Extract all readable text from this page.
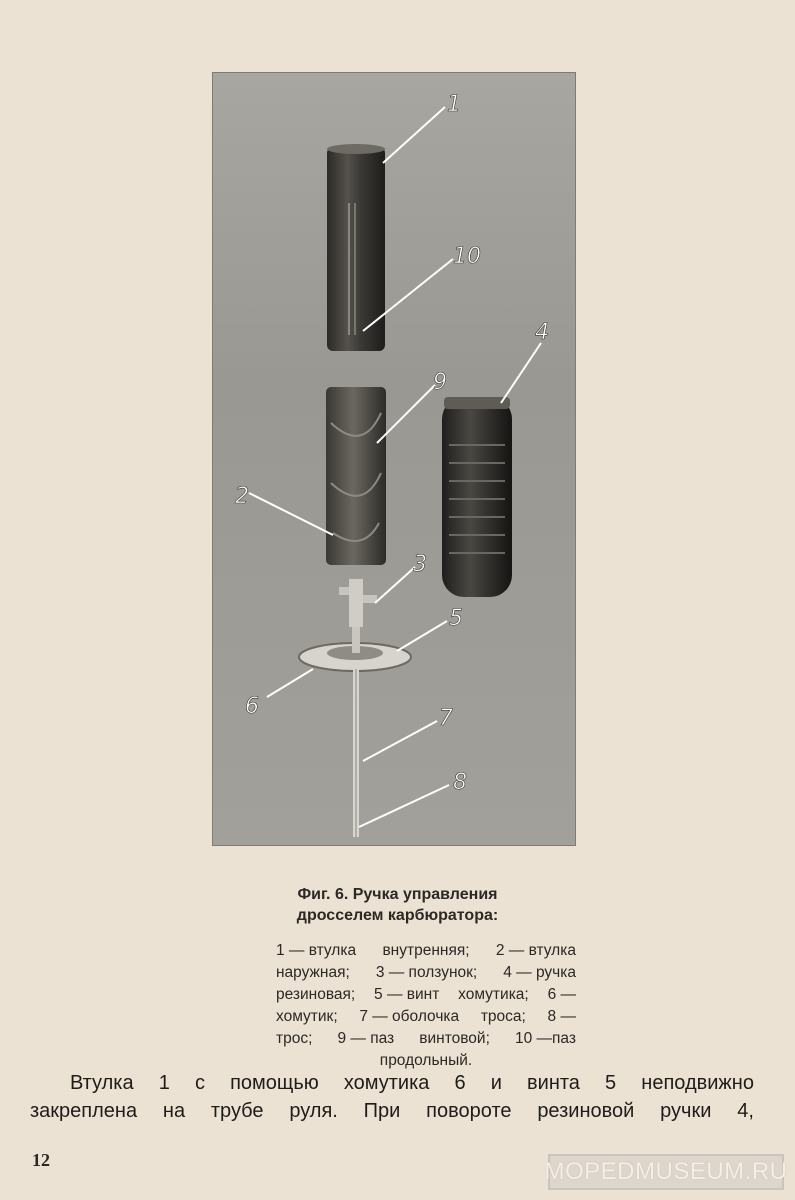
1
10
4
9
2
3
5
6	7
8
Фиг. 6. Ручка управления
дросселем карбюратора:
1 — втулка внутренняя; 2 — втулка
наружная; 3 — ползунок; 4 — ручка
резиновая; 5 — винт хомутика; 6 —
хомутик; 7 — оболочка троса; 8 —
трос; 9 — паз винтовой; 10 —паз
продольный.
Втулка 1 с помощью хомутика 6 и винта 5 неподвижно
закреплена на трубе руля. При повороте резиновой ручки 4,
12	MOPEDMUSEUM.RU
